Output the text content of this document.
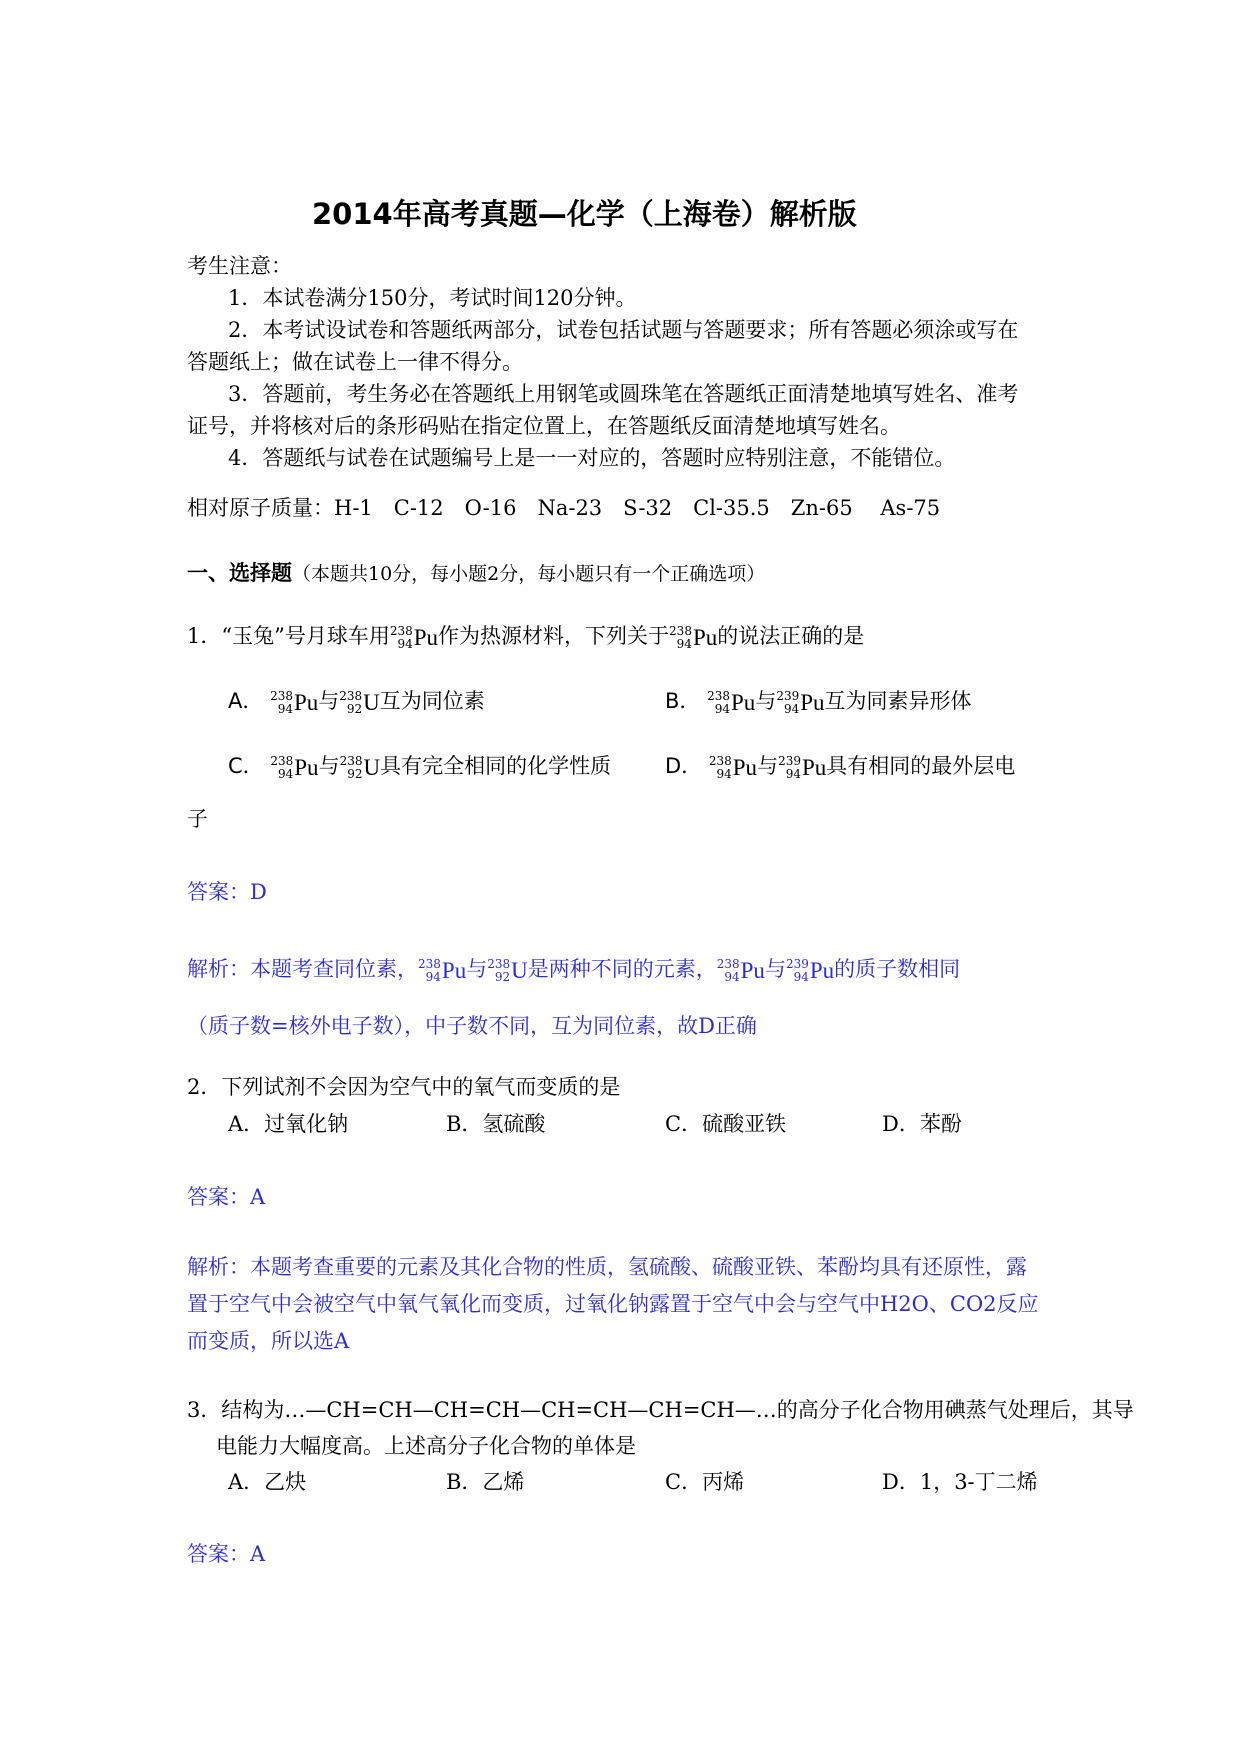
2014年高考真题—化学（上海卷）解析版
考生注意：
1．本试卷满分150分，考试时间120分钟。
2．本考试设试卷和答题纸两部分，试卷包括试题与答题要求；所有答题必须涂或写在
答题纸上；做在试卷上一律不得分。
3．答题前，考生务必在答题纸上用钢笔或圆珠笔在答题纸正面清楚地填写姓名、准考
证号，并将核对后的条形码贴在指定位置上，在答题纸反面清楚地填写姓名。
4．答题纸与试卷在试题编号上是一一对应的，答题时应特别注意，不能错位。
相对原子质量：H-1　C-12　O-16　Na-23　S-32　Cl-35.5　Zn-65　 As-75
一、选择题（本题共10分，每小题2分，每小题只有一个正确选项）
1．“玉兔”号月球车用 238
94 Pu 作为热源材料，下列关于 238
94 Pu 的说法正确的是
A． 238
94 Pu 与 238
92 U 互为同位素	B． 238
94 Pu 与 239
94 Pu 互为同素异形体
C． 238
94 Pu 与 238
92 U 具有完全相同的化学性质	D． 238
94 Pu 与 239
94 Pu 具有相同的最外层电
子
答案：D
解析：本题考查同位素， 238
94 Pu 与 238
92 U 是两种不同的元素， 238
94 Pu 与 239
94 Pu 的质子数相同
（质子数=核外电子数），中子数不同，互为同位素，故D正确
2．下列试剂不会因为空气中的氧气而变质的是
A．过氧化钠	B．氢硫酸	C．硫酸亚铁	D．苯酚
答案：A
解析：本题考查重要的元素及其化合物的性质，氢硫酸、硫酸亚铁、苯酚均具有还原性，露
置于空气中会被空气中氧气氧化而变质，过氧化钠露置于空气中会与空气中H2O、CO2反应
而变质，所以选A
3．结构为…—CH=CH—CH=CH—CH=CH—CH=CH—…的高分子化合物用碘蒸气处理后，其导
电能力大幅度高。上述高分子化合物的单体是
A．乙炔	B．乙烯	C．丙烯	D．1，3-丁二烯
答案：A
